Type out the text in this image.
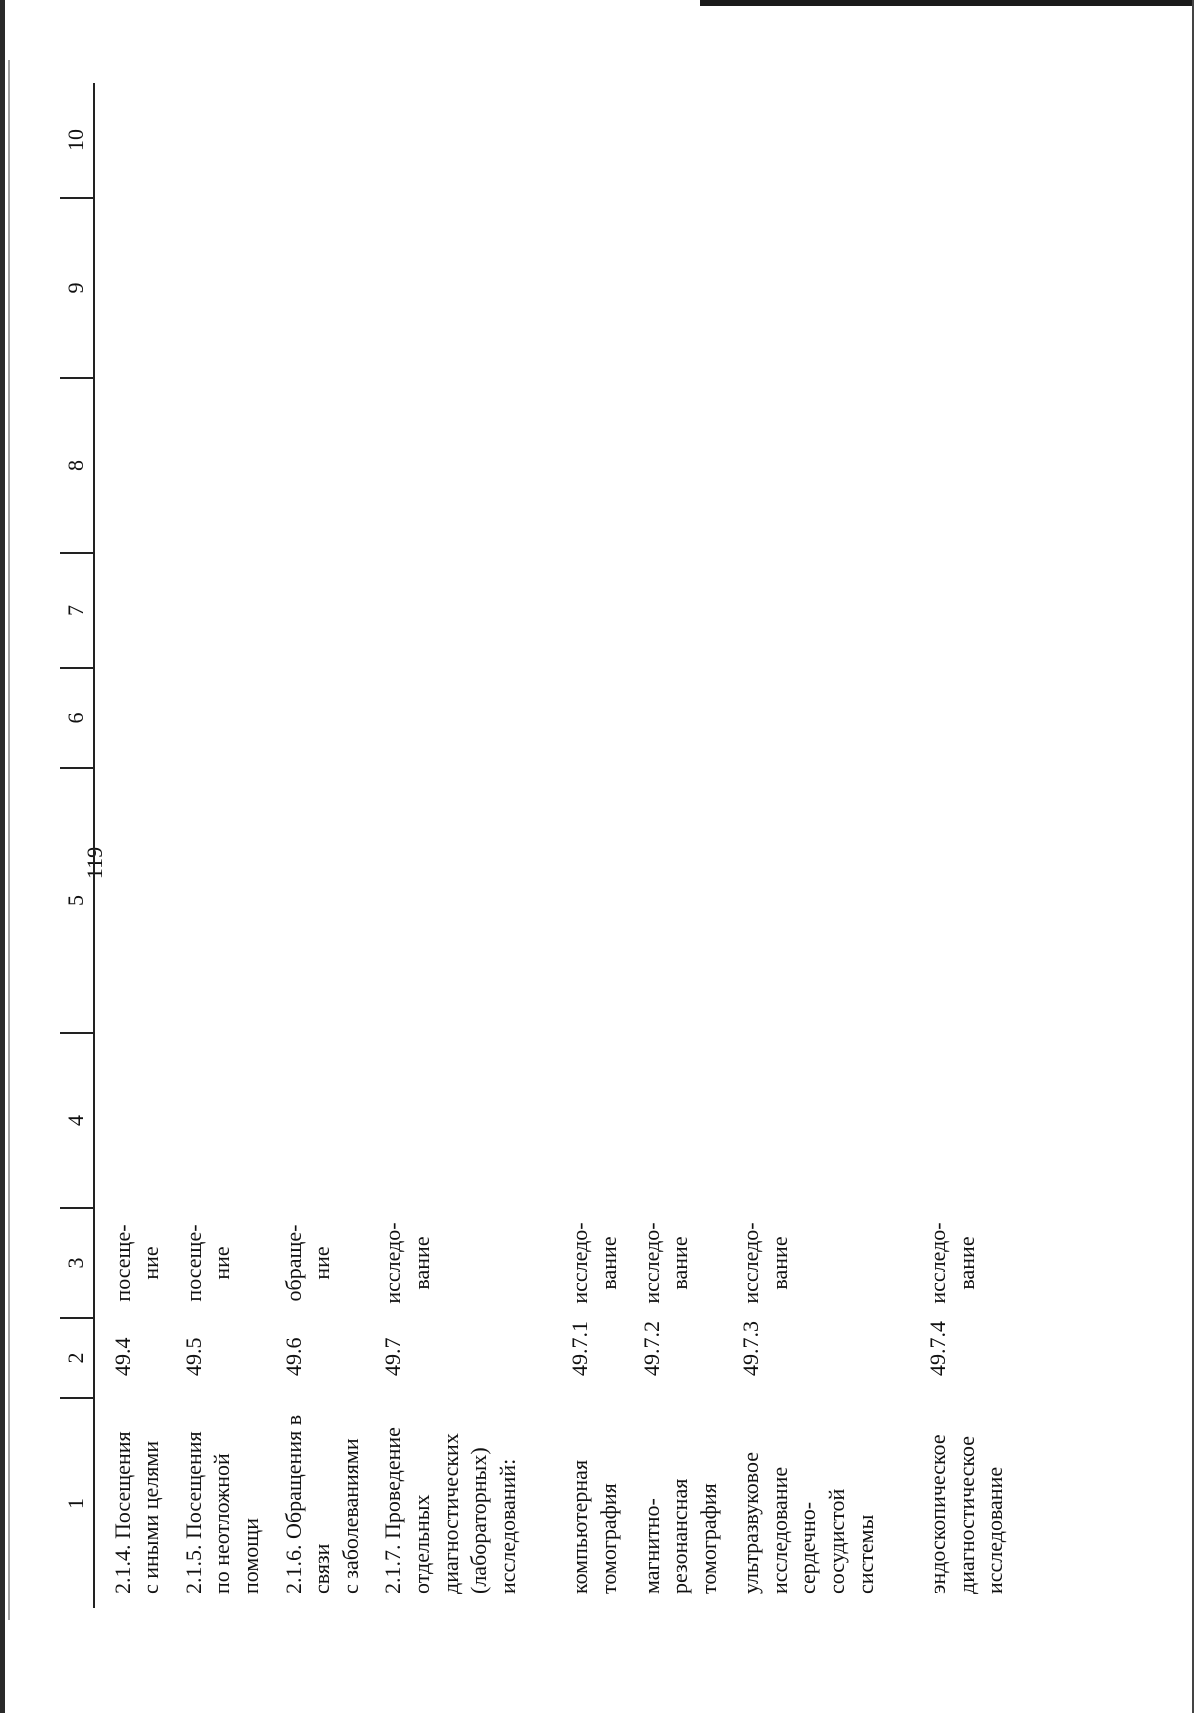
119
1	2	3	4	5	6	7	8	9	10

2.1.4. Посещения с иными целями	49.4	посеще- ние							

2.1.5. Посещения по неотложной помощи	49.5	посеще- ние							

2.1.6. Обращения в связи с заболеваниями	49.6	обраще- ние							

2.1.7. Проведение отдельных диагностических (лабораторных) исследований:	49.7	исследо- вание							

компьютерная томография	49.7.1	исследо- вание							

магнитно-резонансная томография	49.7.2	исследо- вание							

ультразвуковое исследование сердечно-сосудистой системы	49.7.3	исследо- вание							

эндоскопическое диагностическое исследование	49.7.4	исследо- вание							
